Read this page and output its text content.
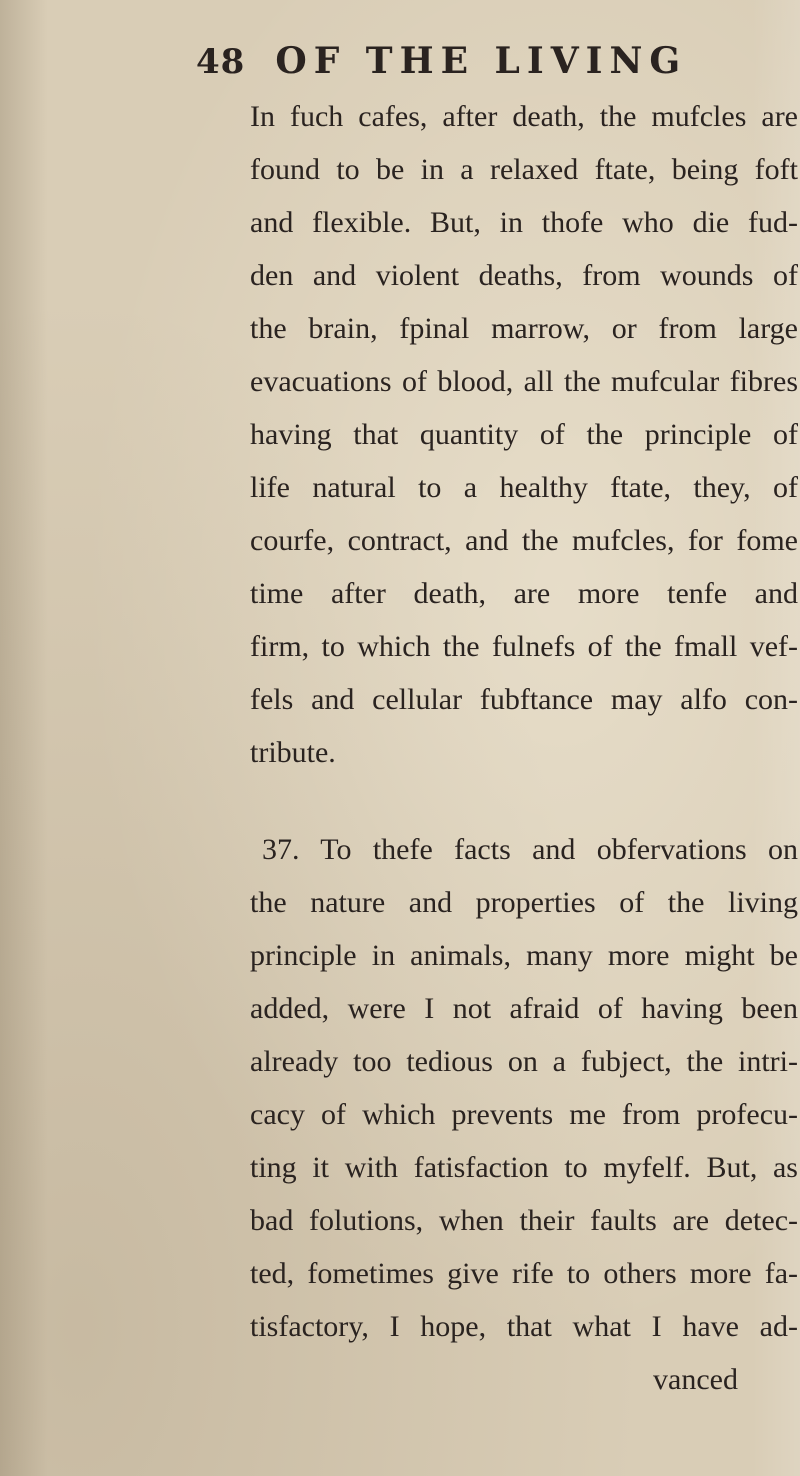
48 OF THE LIVING
In fuch cafes, after death, the mufcles are
found to be in a relaxed ftate, being foft
and flexible. But, in thofe who die fud-
den and violent deaths, from wounds of
the brain, fpinal marrow, or from large
evacuations of blood, all the mufcular fibres
having that quantity of the principle of
life natural to a healthy ftate, they, of
courfe, contract, and the mufcles, for fome
time after death, are more tenfe and
firm, to which the fulnefs of the fmall vef-
fels and cellular fubftance may alfo con-
tribute.
37. To thefe facts and obfervations on
the nature and properties of the living
principle in animals, many more might be
added, were I not afraid of having been
already too tedious on a fubject, the intri-
cacy of which prevents me from profecu-
ting it with fatisfaction to myfelf. But, as
bad folutions, when their faults are detec-
ted, fometimes give rife to others more fa-
tisfactory, I hope, that what I have ad-
vanced
